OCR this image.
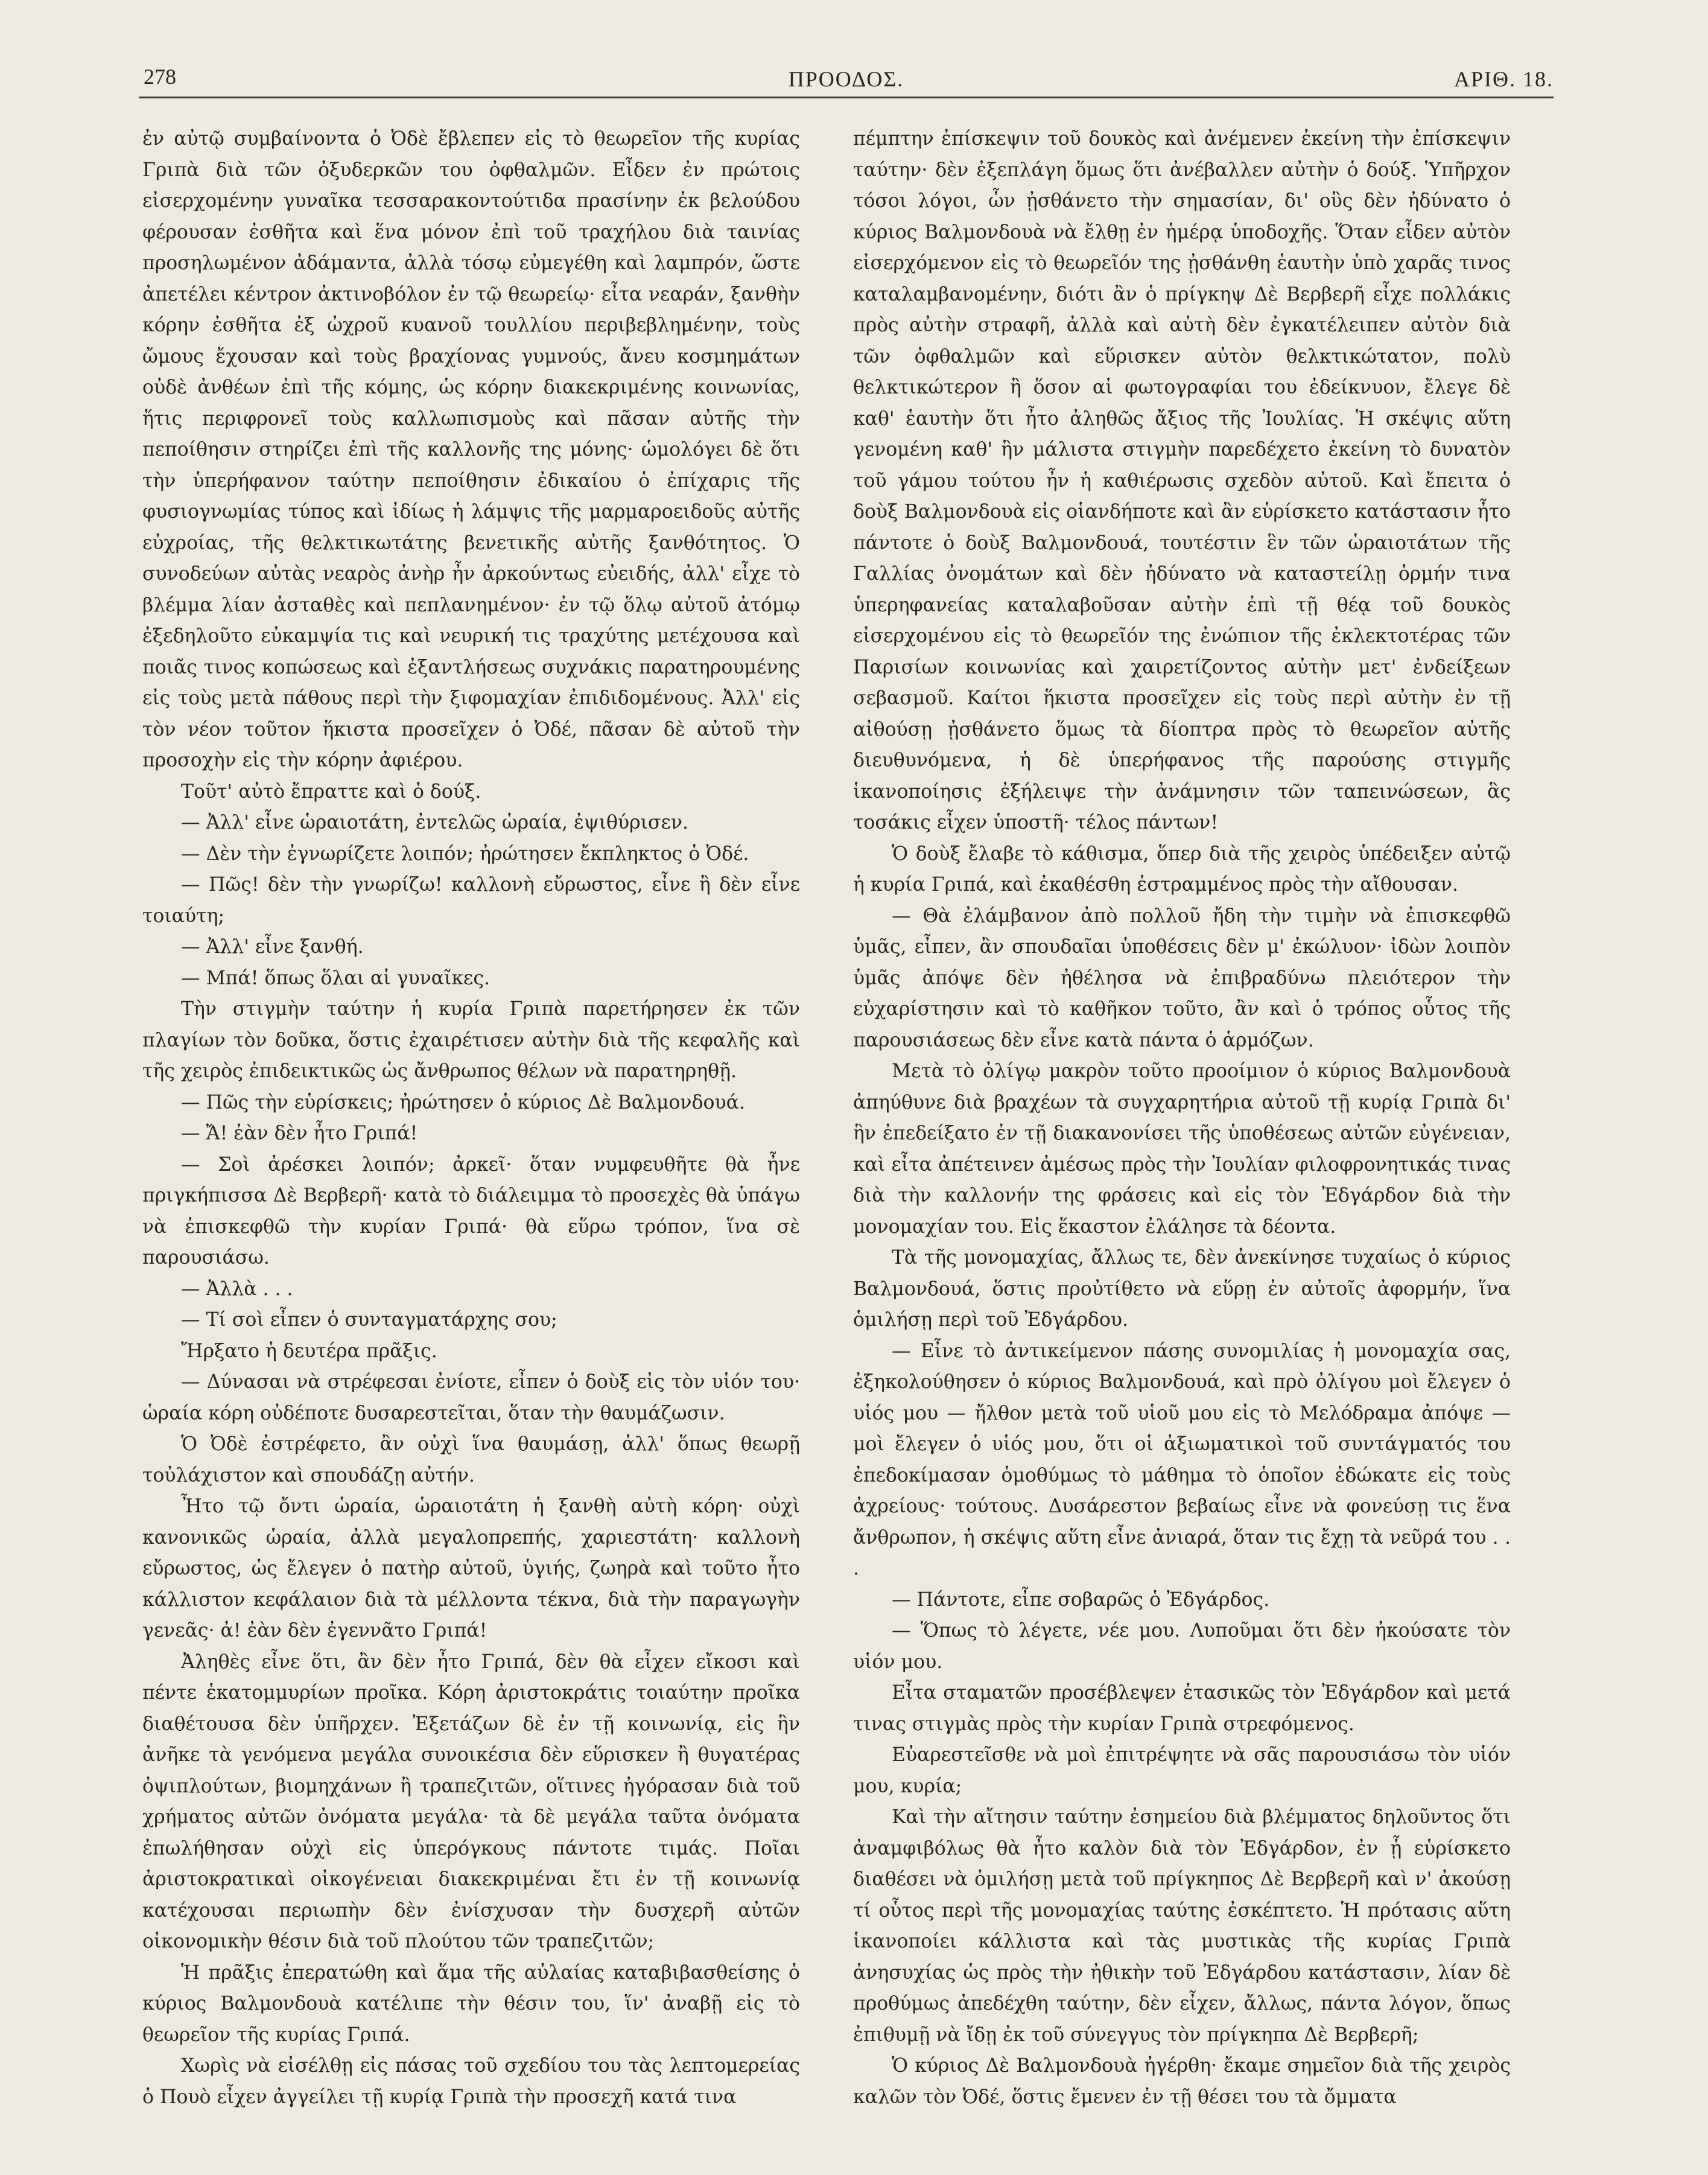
278	ΠΡΟΟΔΟΣ.	ΑΡΙΘ. 18.

ἐν αὐτῷ συμβαίνοντα ὁ Ὀδὲ ἔβλεπεν εἰς τὸ θεωρεῖον τῆς κυρίας Γριπὰ διὰ τῶν ὀξυδερκῶν του ὀφθαλμῶν. Εἶδεν ἐν πρώτοις εἰσερχομένην γυναῖκα τεσσαρακοντούτιδα πρασίνην ἐκ βελούδου φέρουσαν ἐσθῆτα καὶ ἕνα μόνον ἐπὶ τοῦ τραχήλου διὰ ταινίας προσηλωμένον ἀδάμαντα, ἀλλὰ τόσῳ εὐμεγέθη καὶ λαμπρόν, ὥστε ἀπετέλει κέντρον ἀκτινοβόλον ἐν τῷ θεωρείῳ· εἶτα νεαράν, ξανθὴν κόρην ἐσθῆτα ἐξ ὠχροῦ κυανοῦ τουλλίου περιβεβλημένην, τοὺς ὤμους ἔχουσαν καὶ τοὺς βραχίονας γυμνούς, ἄνευ κοσμημάτων οὐδὲ ἀνθέων ἐπὶ τῆς κόμης, ὡς κόρην διακεκριμένης κοινωνίας, ἥτις περιφρονεῖ τοὺς καλλωπισμοὺς καὶ πᾶσαν αὐτῆς τὴν πεποίθησιν στηρίζει ἐπὶ τῆς καλλονῆς της μόνης· ὡμολόγει δὲ ὅτι τὴν ὑπερήφανον ταύτην πεποίθησιν ἐδικαίου ὁ ἐπίχαρις τῆς φυσιογνωμίας τύπος καὶ ἰδίως ἡ λάμψις τῆς μαρμαροειδοῦς αὐτῆς εὐχροίας, τῆς θελκτικωτάτης βενετικῆς αὐτῆς ξανθότητος. Ὁ συνοδεύων αὐτὰς νεαρὸς ἀνὴρ ἦν ἀρκούντως εὐειδής, ἀλλ' εἶχε τὸ βλέμμα λίαν ἀσταθὲς καὶ πεπλανημένον· ἐν τῷ ὅλῳ αὐτοῦ ἀτόμῳ ἐξεδηλοῦτο εὐκαμψία τις καὶ νευρική τις τραχύτης μετέχουσα καὶ ποιᾶς τινος κοπώσεως καὶ ἐξαντλήσεως συχνάκις παρατηρουμένης εἰς τοὺς μετὰ πάθους περὶ τὴν ξιφομαχίαν ἐπιδιδομένους. Ἀλλ' εἰς τὸν νέον τοῦτον ἥκιστα προσεῖχεν ὁ Ὀδέ, πᾶσαν δὲ αὐτοῦ τὴν προσοχὴν εἰς τὴν κόρην ἀφιέρου.

Τοῦτ' αὐτὸ ἔπραττε καὶ ὁ δούξ.

— Ἀλλ' εἶνε ὡραιοτάτη, ἐντελῶς ὡραία, ἐψιθύρισεν.

— Δὲν τὴν ἐγνωρίζετε λοιπόν; ἠρώτησεν ἔκπληκτος ὁ Ὀδέ.

— Πῶς! δὲν τὴν γνωρίζω! καλλονὴ εὔρωστος, εἶνε ἢ δὲν εἶνε τοιαύτη;

— Ἀλλ' εἶνε ξανθή.

— Μπά! ὅπως ὅλαι αἱ γυναῖκες.

Τὴν στιγμὴν ταύτην ἡ κυρία Γριπὰ παρετήρησεν ἐκ τῶν πλαγίων τὸν δοῦκα, ὅστις ἐχαιρέτισεν αὐτὴν διὰ τῆς κεφαλῆς καὶ τῆς χειρὸς ἐπιδεικτικῶς ὡς ἄνθρωπος θέλων νὰ παρατηρηθῇ.

— Πῶς τὴν εὑρίσκεις; ἠρώτησεν ὁ κύριος Δὲ Βαλμονδουά.

— Ἄ! ἐὰν δὲν ἦτο Γριπά!

— Σοὶ ἀρέσκει λοιπόν; ἀρκεῖ· ὅταν νυμφευθῆτε θὰ ἦνε πριγκήπισσα Δὲ Βερβερῆ· κατὰ τὸ διάλειμμα τὸ προσεχὲς θὰ ὑπάγω νὰ ἐπισκεφθῶ τὴν κυρίαν Γριπά· θὰ εὕρω τρόπον, ἵνα σὲ παρουσιάσω.

— Ἀλλὰ . . .

— Τί σοὶ εἶπεν ὁ συνταγματάρχης σου;

Ἤρξατο ἡ δευτέρα πρᾶξις.

— Δύνασαι νὰ στρέφεσαι ἐνίοτε, εἶπεν ὁ δοὺξ εἰς τὸν υἱόν του· ὡραία κόρη οὐδέποτε δυσαρεστεῖται, ὅταν τὴν θαυμάζωσιν.

Ὁ Ὀδὲ ἐστρέφετο, ἂν οὐχὶ ἵνα θαυμάσῃ, ἀλλ' ὅπως θεωρῇ τοὐλάχιστον καὶ σπουδάζῃ αὐτήν.

Ἦτο τῷ ὄντι ὡραία, ὡραιοτάτη ἡ ξανθὴ αὐτὴ κόρη· οὐχὶ κανονικῶς ὡραία, ἀλλὰ μεγαλοπρεπής, χαριεστάτη· καλλονὴ εὔρωστος, ὡς ἔλεγεν ὁ πατὴρ αὐτοῦ, ὑγιής, ζωηρὰ καὶ τοῦτο ἦτο κάλλιστον κεφάλαιον διὰ τὰ μέλλοντα τέκνα, διὰ τὴν παραγωγὴν γενεᾶς· ἀ! ἐὰν δὲν ἐγεννᾶτο Γριπά!

Ἀληθὲς εἶνε ὅτι, ἂν δὲν ἦτο Γριπά, δὲν θὰ εἶχεν εἴκοσι καὶ πέντε ἑκατομμυρίων προῖκα. Κόρη ἀριστοκράτις τοιαύτην προῖκα διαθέτουσα δὲν ὑπῆρχεν. Ἐξετάζων δὲ ἐν τῇ κοινωνίᾳ, εἰς ἣν ἀνῆκε τὰ γενόμενα μεγάλα συνοικέσια δὲν εὕρισκεν ἢ θυγατέρας ὀψιπλούτων, βιομηχάνων ἢ τραπεζιτῶν, οἵτινες ἠγόρασαν διὰ τοῦ χρήματος αὐτῶν ὀνόματα μεγάλα· τὰ δὲ μεγάλα ταῦτα ὀνόματα ἐπωλήθησαν οὐχὶ εἰς ὑπερόγκους πάντοτε τιμάς. Ποῖαι ἀριστοκρατικαὶ οἰκογένειαι διακεκριμέναι ἔτι ἐν τῇ κοινωνίᾳ κατέχουσαι περιωπὴν δὲν ἐνίσχυσαν τὴν δυσχερῆ αὐτῶν οἰκονομικὴν θέσιν διὰ τοῦ πλούτου τῶν τραπεζιτῶν;

Ἡ πρᾶξις ἐπερατώθη καὶ ἅμα τῆς αὐλαίας καταβιβασθείσης ὁ κύριος Βαλμονδουὰ κατέλιπε τὴν θέσιν του, ἵν' ἀναβῇ εἰς τὸ θεωρεῖον τῆς κυρίας Γριπά.

Χωρὶς νὰ εἰσέλθῃ εἰς πάσας τοῦ σχεδίου του τὰς λεπτομερείας ὁ Πουὸ εἶχεν ἀγγείλει τῇ κυρίᾳ Γριπὰ τὴν προσεχῆ κατά τινα

πέμπτην ἐπίσκεψιν τοῦ δουκὸς καὶ ἀνέμενεν ἐκείνη τὴν ἐπίσκεψιν ταύτην· δὲν ἐξεπλάγη ὅμως ὅτι ἀνέβαλλεν αὐτὴν ὁ δούξ. Ὑπῆρχον τόσοι λόγοι, ὧν ᾐσθάνετο τὴν σημασίαν, δι' οὓς δὲν ἠδύνατο ὁ κύριος Βαλμονδουὰ νὰ ἔλθῃ ἐν ἡμέρᾳ ὑποδοχῆς. Ὅταν εἶδεν αὐτὸν εἰσερχόμενον εἰς τὸ θεωρεῖόν της ᾐσθάνθη ἑαυτὴν ὑπὸ χαρᾶς τινος καταλαμβανομένην, διότι ἂν ὁ πρίγκηψ Δὲ Βερβερῆ εἶχε πολλάκις πρὸς αὐτὴν στραφῆ, ἀλλὰ καὶ αὐτὴ δὲν ἐγκατέλειπεν αὐτὸν διὰ τῶν ὀφθαλμῶν καὶ εὕρισκεν αὐτὸν θελκτικώτατον, πολὺ θελκτικώτερον ἢ ὅσον αἱ φωτογραφίαι του ἐδείκνυον, ἔλεγε δὲ καθ' ἑαυτὴν ὅτι ἦτο ἀληθῶς ἄξιος τῆς Ἰουλίας. Ἡ σκέψις αὕτη γενομένη καθ' ἣν μάλιστα στιγμὴν παρεδέχετο ἐκείνη τὸ δυνατὸν τοῦ γάμου τούτου ἦν ἡ καθιέρωσις σχεδὸν αὐτοῦ. Καὶ ἔπειτα ὁ δοὺξ Βαλμονδουὰ εἰς οἱανδήποτε καὶ ἂν εὑρίσκετο κατάστασιν ἦτο πάντοτε ὁ δοὺξ Βαλμονδουά, τουτέστιν ἓν τῶν ὡραιοτάτων τῆς Γαλλίας ὀνομάτων καὶ δὲν ἠδύνατο νὰ καταστείλῃ ὁρμήν τινα ὑπερηφανείας καταλαβοῦσαν αὐτὴν ἐπὶ τῇ θέᾳ τοῦ δουκὸς εἰσερχομένου εἰς τὸ θεωρεῖόν της ἐνώπιον τῆς ἐκλεκτοτέρας τῶν Παρισίων κοινωνίας καὶ χαιρετίζοντος αὐτὴν μετ' ἐνδείξεων σεβασμοῦ. Καίτοι ἥκιστα προσεῖχεν εἰς τοὺς περὶ αὐτὴν ἐν τῇ αἰθούσῃ ᾐσθάνετο ὅμως τὰ δίοπτρα πρὸς τὸ θεωρεῖον αὐτῆς διευθυνόμενα, ἡ δὲ ὑπερήφανος τῆς παρούσης στιγμῆς ἱκανοποίησις ἐξήλειψε τὴν ἀνάμνησιν τῶν ταπεινώσεων, ἃς τοσάκις εἶχεν ὑποστῆ· τέλος πάντων!

Ὁ δοὺξ ἔλαβε τὸ κάθισμα, ὅπερ διὰ τῆς χειρὸς ὑπέδειξεν αὐτῷ ἡ κυρία Γριπά, καὶ ἐκαθέσθη ἐστραμμένος πρὸς τὴν αἴθουσαν.

— Θὰ ἐλάμβανον ἀπὸ πολλοῦ ἤδη τὴν τιμὴν νὰ ἐπισκεφθῶ ὑμᾶς, εἶπεν, ἂν σπουδαῖαι ὑποθέσεις δὲν μ' ἐκώλυον· ἰδὼν λοιπὸν ὑμᾶς ἀπόψε δὲν ἠθέλησα νὰ ἐπιβραδύνω πλειότερον τὴν εὐχαρίστησιν καὶ τὸ καθῆκον τοῦτο, ἂν καὶ ὁ τρόπος οὗτος τῆς παρουσιάσεως δὲν εἶνε κατὰ πάντα ὁ ἁρμόζων.

Μετὰ τὸ ὀλίγῳ μακρὸν τοῦτο προοίμιον ὁ κύριος Βαλμονδουὰ ἀπηύθυνε διὰ βραχέων τὰ συγχαρητήρια αὐτοῦ τῇ κυρίᾳ Γριπὰ δι' ἣν ἐπεδείξατο ἐν τῇ διακανονίσει τῆς ὑποθέσεως αὐτῶν εὐγένειαν, καὶ εἶτα ἀπέτεινεν ἀμέσως πρὸς τὴν Ἰουλίαν φιλοφρονητικάς τινας διὰ τὴν καλλονήν της φράσεις καὶ εἰς τὸν Ἐδγάρδον διὰ τὴν μονομαχίαν του. Εἰς ἕκαστον ἐλάλησε τὰ δέοντα.

Τὰ τῆς μονομαχίας, ἄλλως τε, δὲν ἀνεκίνησε τυχαίως ὁ κύριος Βαλμονδουά, ὅστις προὐτίθετο νὰ εὕρῃ ἐν αὐτοῖς ἀφορμήν, ἵνα ὁμιλήσῃ περὶ τοῦ Ἐδγάρδου.

— Εἶνε τὸ ἀντικείμενον πάσης συνομιλίας ἡ μονομαχία σας, ἐξηκολούθησεν ὁ κύριος Βαλμονδουά, καὶ πρὸ ὀλίγου μοὶ ἔλεγεν ὁ υἱός μου — ἤλθον μετὰ τοῦ υἱοῦ μου εἰς τὸ Μελόδραμα ἀπόψε — μοὶ ἔλεγεν ὁ υἱός μου, ὅτι οἱ ἀξιωματικοὶ τοῦ συντάγματός του ἐπεδοκίμασαν ὁμοθύμως τὸ μάθημα τὸ ὁποῖον ἐδώκατε εἰς τοὺς ἀχρείους· τούτους. Δυσάρεστον βεβαίως εἶνε νὰ φονεύσῃ τις ἕνα ἄνθρωπον, ἡ σκέψις αὕτη εἶνε ἀνιαρά, ὅταν τις ἔχῃ τὰ νεῦρά του . . .

— Πάντοτε, εἶπε σοβαρῶς ὁ Ἐδγάρδος.

— Ὅπως τὸ λέγετε, νέε μου. Λυποῦμαι ὅτι δὲν ἠκούσατε τὸν υἱόν μου.

Εἶτα σταματῶν προσέβλεψεν ἐτασικῶς τὸν Ἐδγάρδον καὶ μετά τινας στιγμὰς πρὸς τὴν κυρίαν Γριπὰ στρεφόμενος.

Εὐαρεστεῖσθε νὰ μοὶ ἐπιτρέψητε νὰ σᾶς παρουσιάσω τὸν υἱόν μου, κυρία;

Καὶ τὴν αἴτησιν ταύτην ἐσημείου διὰ βλέμματος δηλοῦντος ὅτι ἀναμφιβόλως θὰ ἦτο καλὸν διὰ τὸν Ἐδγάρδον, ἐν ᾗ εὑρίσκετο διαθέσει νὰ ὁμιλήσῃ μετὰ τοῦ πρίγκηπος Δὲ Βερβερῆ καὶ ν' ἀκούσῃ τί οὗτος περὶ τῆς μονομαχίας ταύτης ἐσκέπτετο. Ἡ πρότασις αὕτη ἱκανοποίει κάλλιστα καὶ τὰς μυστικὰς τῆς κυρίας Γριπὰ ἀνησυχίας ὡς πρὸς τὴν ἠθικὴν τοῦ Ἐδγάρδου κατάστασιν, λίαν δὲ προθύμως ἀπεδέχθη ταύτην, δὲν εἶχεν, ἄλλως, πάντα λόγον, ὅπως ἐπιθυμῇ νὰ ἴδῃ ἐκ τοῦ σύνεγγυς τὸν πρίγκηπα Δὲ Βερβερῆ;

Ὁ κύριος Δὲ Βαλμονδουὰ ἠγέρθη· ἔκαμε σημεῖον διὰ τῆς χειρὸς καλῶν τὸν Ὀδέ, ὅστις ἔμενεν ἐν τῇ θέσει του τὰ ὄμματα
